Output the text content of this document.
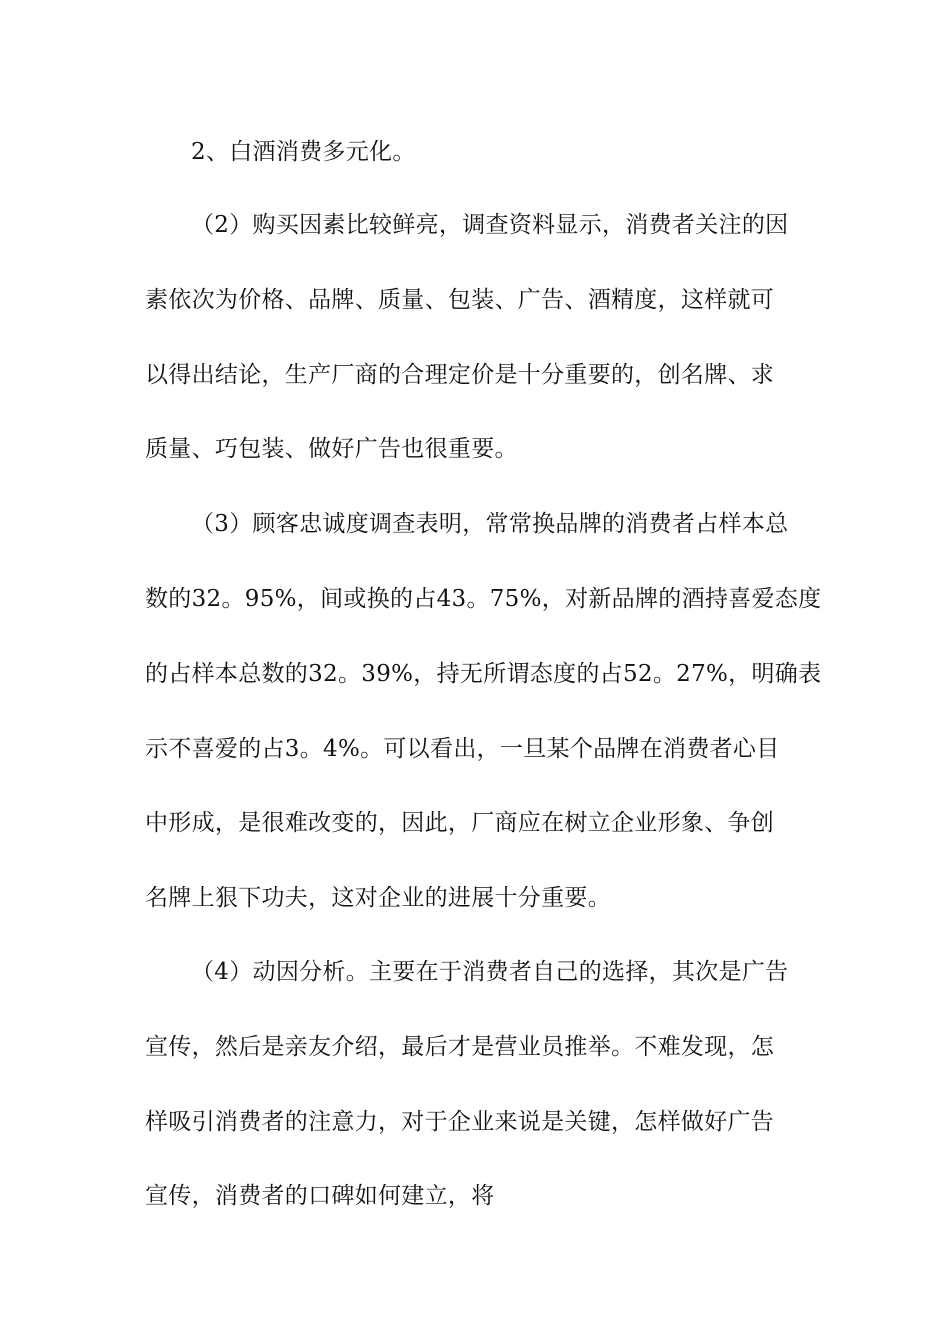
2、白酒消费多元化。

（2）购买因素比较鲜亮，调查资料显示，消费者关注的因

素依次为价格、品牌、质量、包装、广告、酒精度，这样就可

以得出结论，生产厂商的合理定价是十分重要的，创名牌、求

质量、巧包装、做好广告也很重要。

（3）顾客忠诚度调查表明，常常换品牌的消费者占样本总

数的32。95%，间或换的占43。75%，对新品牌的酒持喜爱态度

的占样本总数的32。39%，持无所谓态度的占52。27%，明确表

示不喜爱的占3。4%。可以看出，一旦某个品牌在消费者心目

中形成，是很难改变的，因此，厂商应在树立企业形象、争创

名牌上狠下功夫，这对企业的进展十分重要。

（4）动因分析。主要在于消费者自己的选择，其次是广告

宣传，然后是亲友介绍，最后才是营业员推举。不难发现，怎

样吸引消费者的注意力，对于企业来说是关键，怎样做好广告

宣传，消费者的口碑如何建立，将
